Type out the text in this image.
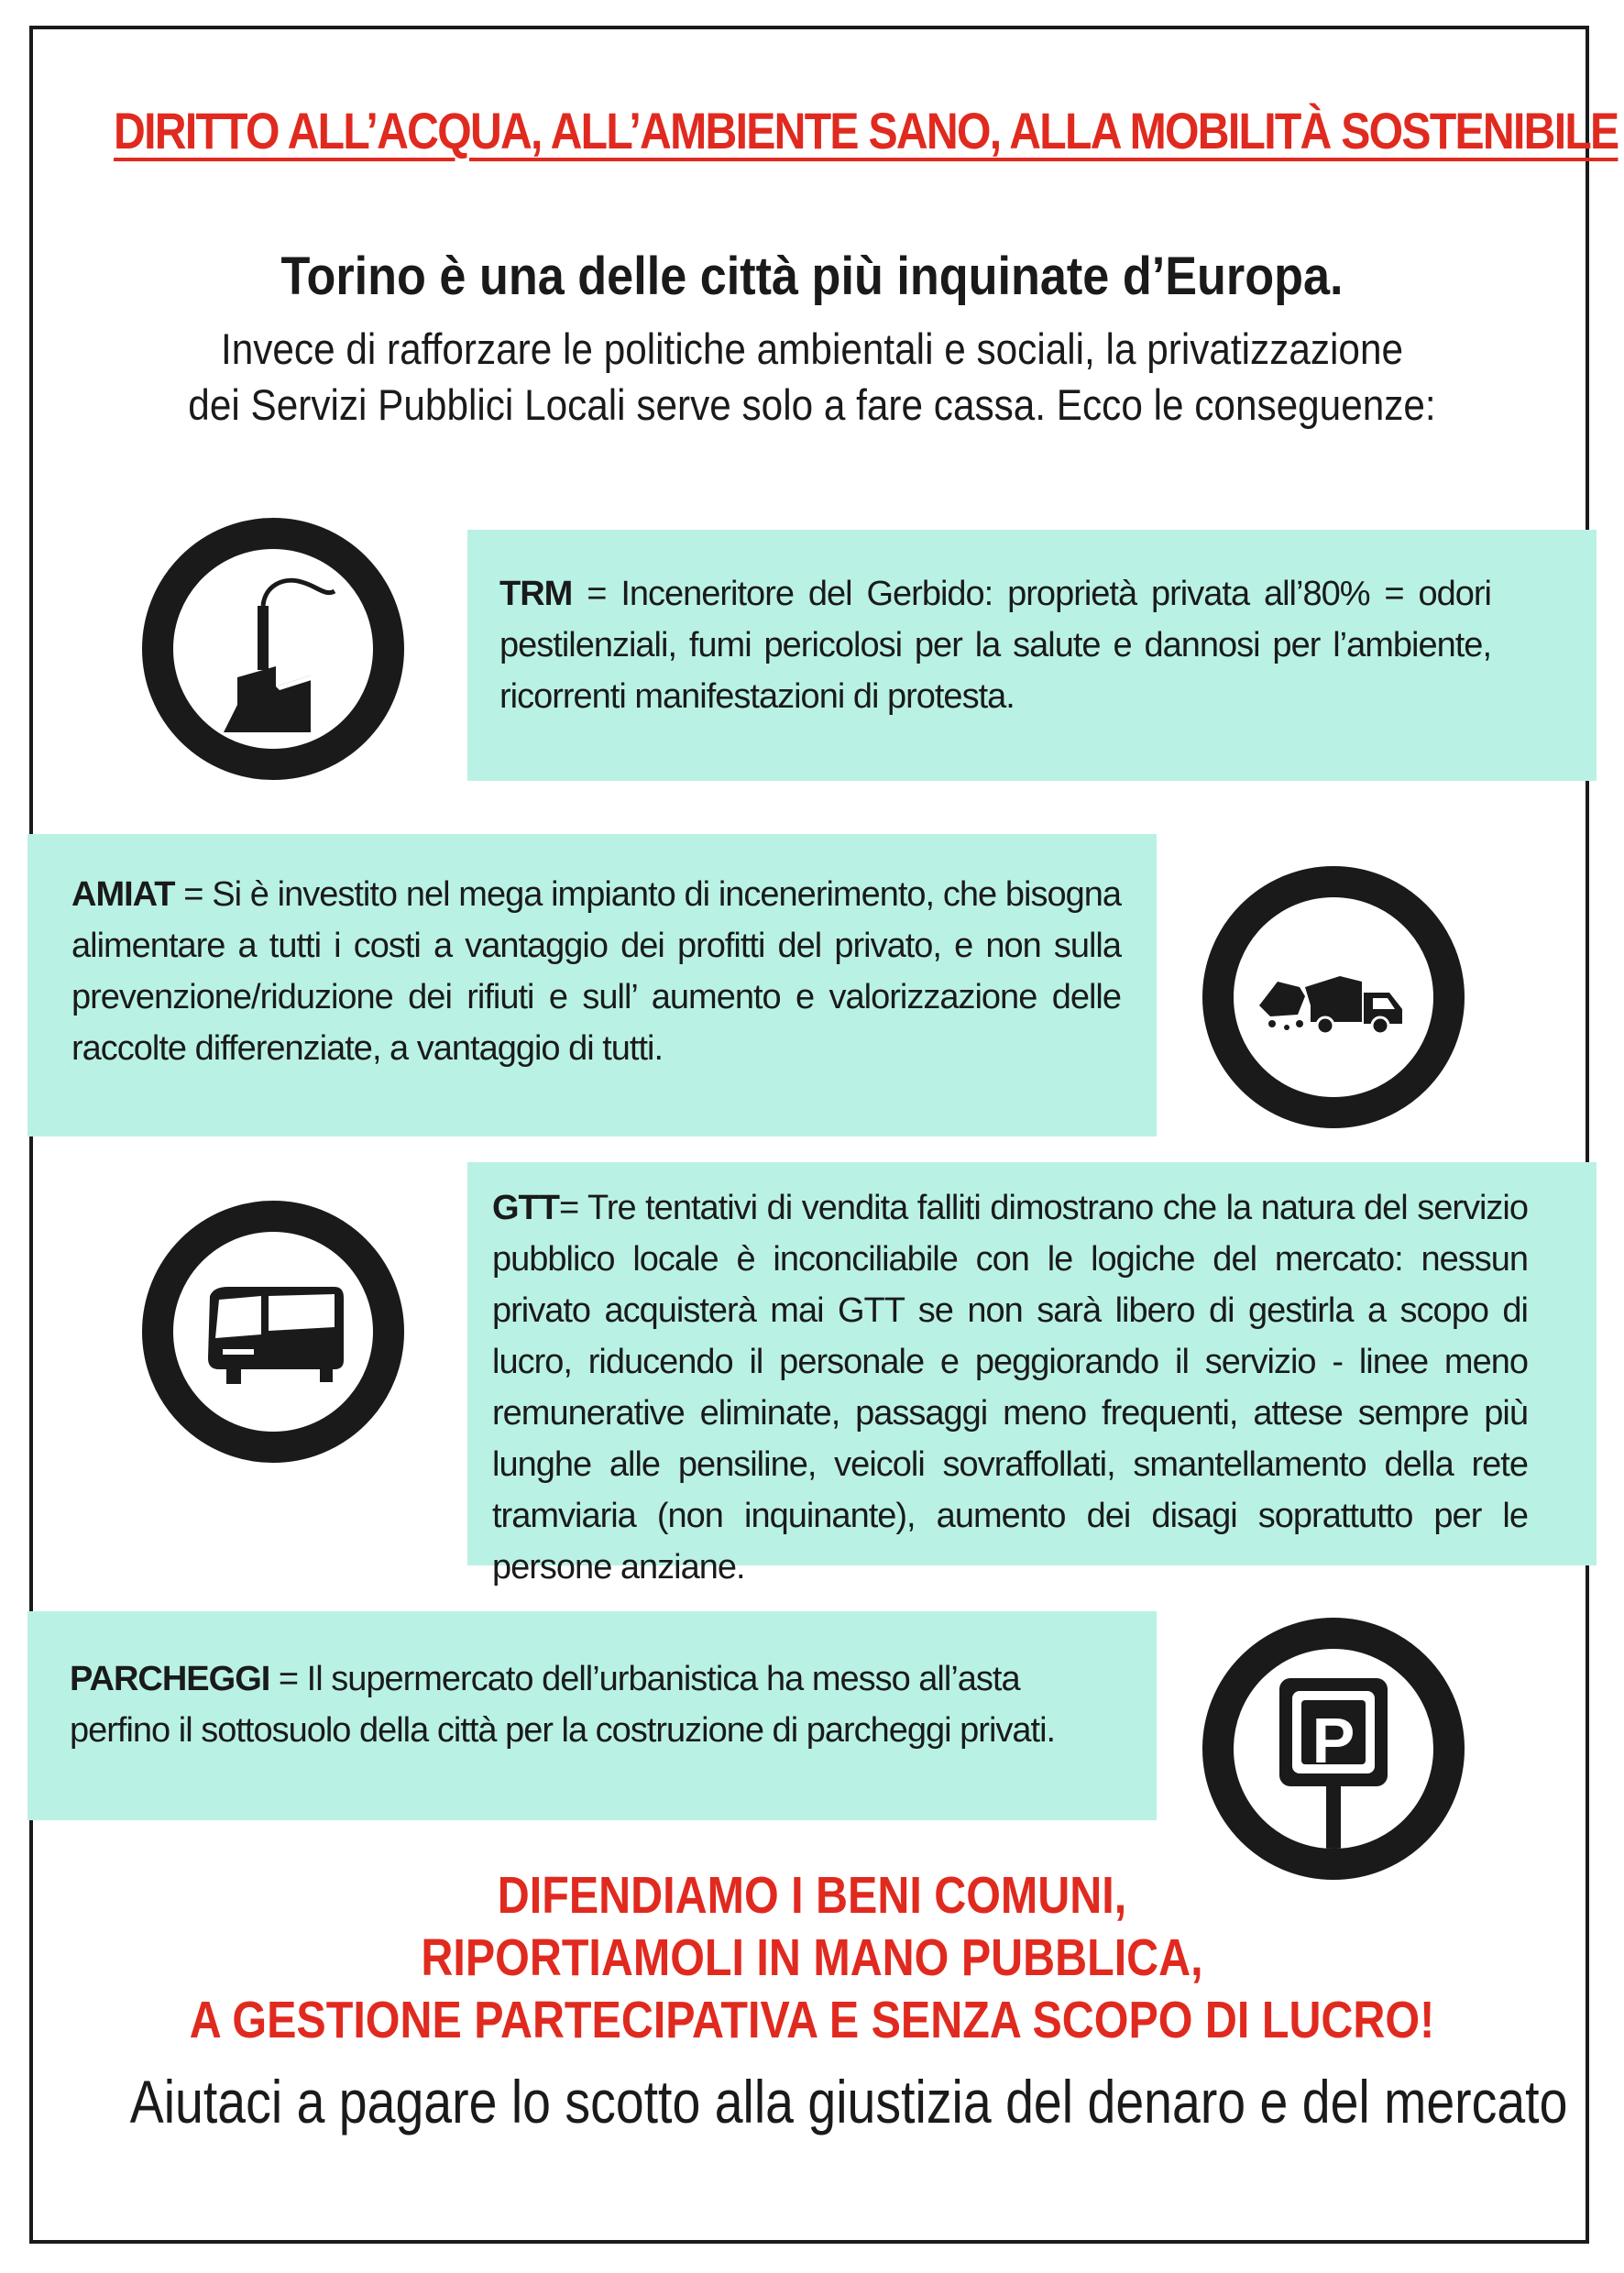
DIRITTO ALL’ACQUA, ALL’AMBIENTE SANO, ALLA MOBILITÀ SOSTENIBILE
Torino è una delle città più inquinate d’Europa.
Invece di rafforzare le politiche ambientali e sociali, la privatizzazione
dei Servizi Pubblici Locali serve solo a fare cassa. Ecco le conseguenze:
TRM = Inceneritore del Gerbido: proprietà privata all’80% = odori pestilenziali, fumi pericolosi per la salute e dannosi per l’ambiente, ricorrenti manifestazioni di protesta.
AMIAT = Si è investito nel mega impianto di incenerimento, che bisogna alimentare a tutti i costi a vantaggio dei profitti del privato, e non sulla prevenzione/riduzione dei rifiuti e sull’ aumento e valorizzazione delle raccolte differenziate, a vantaggio di tutti.
GTT= Tre tentativi di vendita falliti dimostrano che la natura del servizio pubblico locale è inconciliabile con le logiche del mercato: nessun privato acquisterà mai GTT se non sarà libero di gestirla a scopo di lucro, riducendo il personale e peggiorando il servizio - linee meno remunerative eliminate, passaggi meno frequenti, attese sempre più lunghe alle pensiline, veicoli sovraffollati, smantellamento della rete tramviaria (non inquinante), aumento dei disagi soprattutto per le persone anziane.
P
PARCHEGGI = Il supermercato dell’urbanistica ha messo all’asta perfino il sottosuolo della città per la costruzione di parcheggi privati.
DIFENDIAMO I BENI COMUNI,
RIPORTIAMOLI IN MANO PUBBLICA,
A GESTIONE PARTECIPATIVA E SENZA SCOPO DI LUCRO!
Aiutaci a pagare lo scotto alla giustizia del denaro e del mercato
